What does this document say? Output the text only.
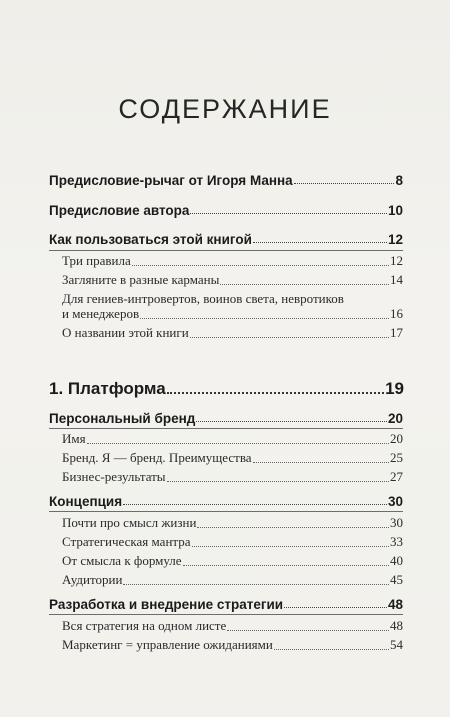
СОДЕРЖАНИЕ
Предисловие-рычаг от Игоря Манна	8
Предисловие автора	10
Как пользоваться этой книгой	12
Три правила	12
Загляните в разные карманы	14
Для гениев-интровертов, воинов света, невротиков
и менеджеров	16
О названии этой книги	17
1. Платформа	19
Персональный бренд	20
Имя	20
Бренд. Я — бренд. Преимущества	25
Бизнес-результаты	27
Концепция	30
Почти про смысл жизни	30
Стратегическая мантра	33
От смысла к формуле	40
Аудитории	45
Разработка и внедрение стратегии	48
Вся стратегия на одном листе	48
Маркетинг = управление ожиданиями	54
